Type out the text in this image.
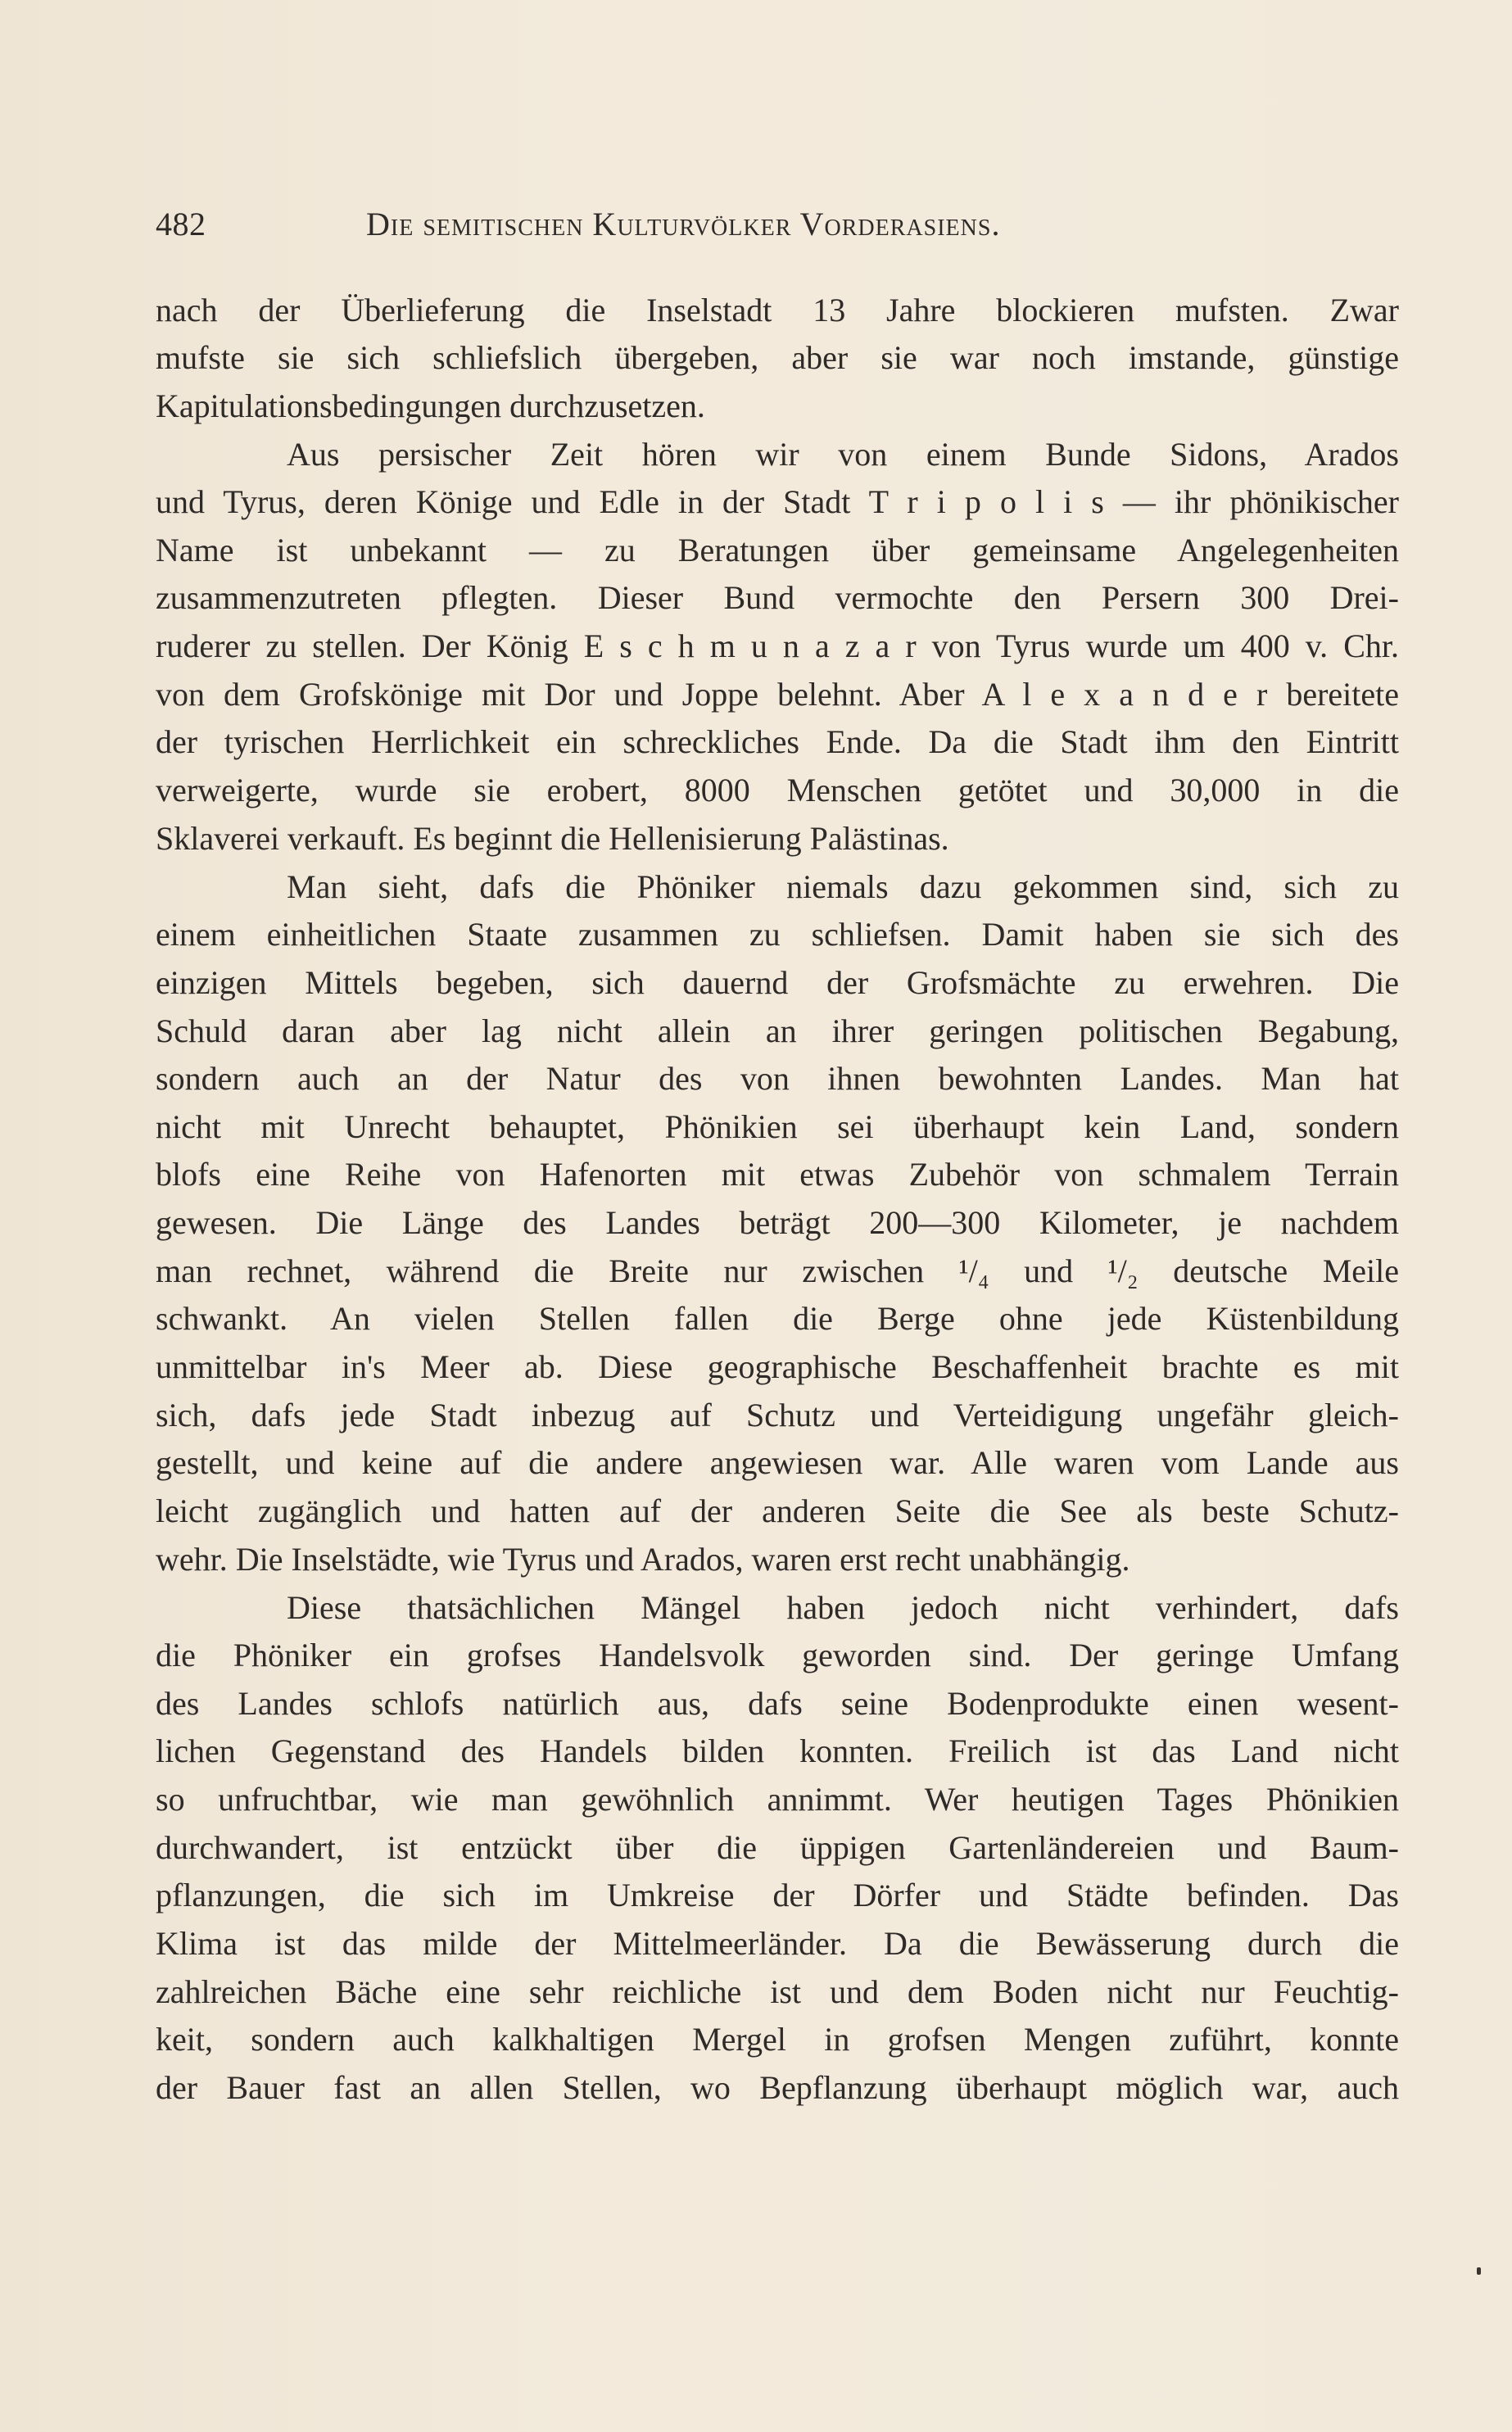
482	Die semitischen Kulturvölker Vorderasiens.
nach der Überlieferung die Inselstadt 13 Jahre blockieren mufsten. Zwar
mufste sie sich schliefslich übergeben, aber sie war noch imstande, günstige
Kapitulationsbedingungen durchzusetzen.
Aus persischer Zeit hören wir von einem Bunde Sidons, Arados
und Tyrus, deren Könige und Edle in der Stadt T r i p o l i s — ihr phönikischer
Name ist unbekannt — zu Beratungen über gemeinsame Angelegenheiten
zusammenzutreten pflegten. Dieser Bund vermochte den Persern 300 Drei-
ruderer zu stellen. Der König E s c h m u n a z a r von Tyrus wurde um 400 v. Chr.
von dem Grofskönige mit Dor und Joppe belehnt. Aber A l e x a n d e r bereitete
der tyrischen Herrlichkeit ein schreckliches Ende. Da die Stadt ihm den Eintritt
verweigerte, wurde sie erobert, 8000 Menschen getötet und 30,000 in die
Sklaverei verkauft. Es beginnt die Hellenisierung Palästinas.
Man sieht, dafs die Phöniker niemals dazu gekommen sind, sich zu
einem einheitlichen Staate zusammen zu schliefsen. Damit haben sie sich des
einzigen Mittels begeben, sich dauernd der Grofsmächte zu erwehren. Die
Schuld daran aber lag nicht allein an ihrer geringen politischen Begabung,
sondern auch an der Natur des von ihnen bewohnten Landes. Man hat
nicht mit Unrecht behauptet, Phönikien sei überhaupt kein Land, sondern
blofs eine Reihe von Hafenorten mit etwas Zubehör von schmalem Terrain
gewesen. Die Länge des Landes beträgt 200—300 Kilometer, je nachdem
man rechnet, während die Breite nur zwischen ¹/₄ und ¹/₂ deutsche Meile
schwankt. An vielen Stellen fallen die Berge ohne jede Küstenbildung
unmittelbar in's Meer ab. Diese geographische Beschaffenheit brachte es mit
sich, dafs jede Stadt inbezug auf Schutz und Verteidigung ungefähr gleich-
gestellt, und keine auf die andere angewiesen war. Alle waren vom Lande aus
leicht zugänglich und hatten auf der anderen Seite die See als beste Schutz-
wehr. Die Inselstädte, wie Tyrus und Arados, waren erst recht unabhängig.
Diese thatsächlichen Mängel haben jedoch nicht verhindert, dafs
die Phöniker ein grofses Handelsvolk geworden sind. Der geringe Umfang
des Landes schlofs natürlich aus, dafs seine Bodenprodukte einen wesent-
lichen Gegenstand des Handels bilden konnten. Freilich ist das Land nicht
so unfruchtbar, wie man gewöhnlich annimmt. Wer heutigen Tages Phönikien
durchwandert, ist entzückt über die üppigen Gartenländereien und Baum-
pflanzungen, die sich im Umkreise der Dörfer und Städte befinden. Das
Klima ist das milde der Mittelmeerländer. Da die Bewässerung durch die
zahlreichen Bäche eine sehr reichliche ist und dem Boden nicht nur Feuchtig-
keit, sondern auch kalkhaltigen Mergel in grofsen Mengen zuführt, konnte
der Bauer fast an allen Stellen, wo Bepflanzung überhaupt möglich war, auch
